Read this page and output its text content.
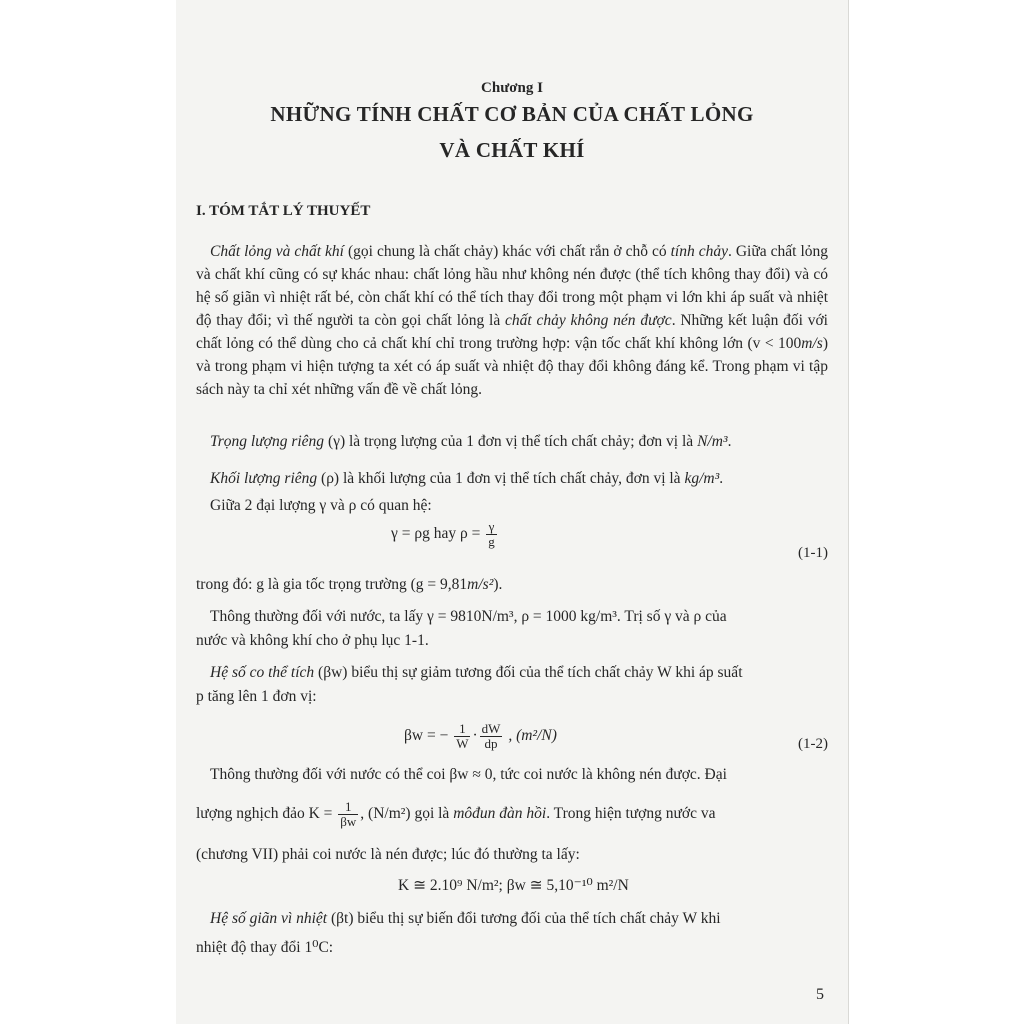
Chương I
NHỮNG TÍNH CHẤT CƠ BẢN CỦA CHẤT LỎNG
VÀ CHẤT KHÍ
I. TÓM TẮT LÝ THUYẾT

Chất lỏng và chất khí (gọi chung là chất chảy) khác với chất rắn ở chỗ có tính chảy. Giữa chất lỏng và chất khí cũng có sự khác nhau: chất lỏng hầu như không nén được (thể tích không thay đổi) và có hệ số giãn vì nhiệt rất bé, còn chất khí có thể tích thay đổi trong một phạm vi lớn khi áp suất và nhiệt độ thay đổi; vì thế người ta còn gọi chất lỏng là chất chảy không nén được. Những kết luận đối với chất lỏng có thể dùng cho cả chất khí chỉ trong trường hợp: vận tốc chất khí không lớn (v < 100m/s) và trong phạm vi hiện tượng ta xét có áp suất và nhiệt độ thay đổi không đáng kể. Trong phạm vi tập sách này ta chỉ xét những vấn đề về chất lỏng.

Trọng lượng riêng (γ) là trọng lượng của 1 đơn vị thể tích chất chảy; đơn vị là N/m³.

Khối lượng riêng (ρ) là khối lượng của 1 đơn vị thể tích chất chảy, đơn vị là kg/m³.

Giữa 2 đại lượng γ và ρ có quan hệ:
γ = ρg hay $\rho = \frac{\gamma}{g}$
(1-1)
trong đó: g là gia tốc trọng trường (g = 9,81m/s²).
Thông thường đối với nước, ta lấy γ = 9810N/m³, ρ = 1000 kg/m³. Trị số γ và ρ của
nước và không khí cho ở phụ lục 1-1.
Hệ số co thể tích (βw) biểu thị sự giảm tương đối của thể tích chất chảy W khi áp suất
p tăng lên 1 đơn vị:
βw = − $\frac{1}{W} \cdot \frac{dW}{dp}$ , (m²/N)	(1-2)
Thông thường đối với nước có thể coi βw ≈ 0, tức coi nước là không nén được. Đại
lượng nghịch đảo $K = \frac{1}{\beta w}$ , (N/m²) gọi là môđun đàn hồi. Trong hiện tượng nước va
(chương VII) phải coi nước là nén được; lúc đó thường ta lấy:
K ≅ 2.10⁹ N/m²; βw ≅ 5,10⁻¹⁰ m²/N
Hệ số giãn vì nhiệt (βt) biểu thị sự biến đổi tương đối của thể tích chất chảy W khi
nhiệt độ thay đổi 1⁰C:
5
